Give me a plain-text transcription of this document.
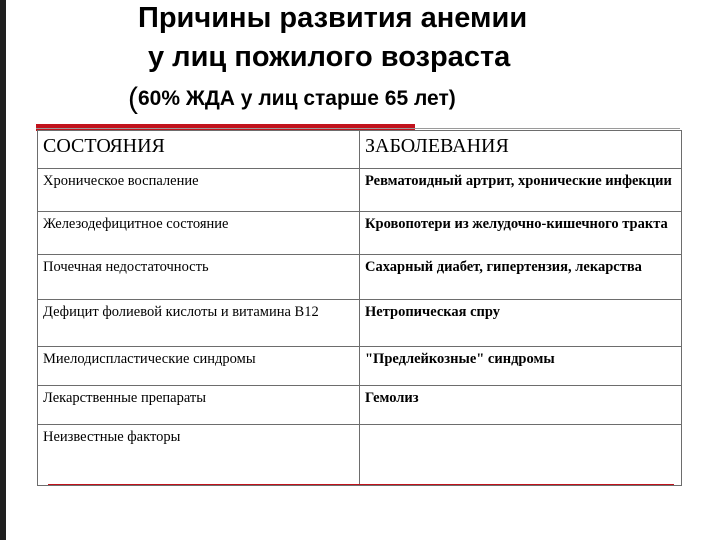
Причины развития анемии
у лиц пожилого возраста
(60% ЖДА у лиц старше 65 лет)
СОСТОЯНИЯ	ЗАБОЛЕВАНИЯ
Хроническое воспаление	Ревматоидный артрит, хронические инфекции
Железодефицитное состояние	Кровопотери из желудочно-кишечного тракта
Почечная недостаточность	Сахарный диабет, гипертензия, лекарства
Дефицит фолиевой кислоты и витамина В12	Нетропическая спру
Миелодиспластические синдромы	"Предлейкозные" синдромы
Лекарственные препараты	Гемолиз
Неизвестные факторы	
